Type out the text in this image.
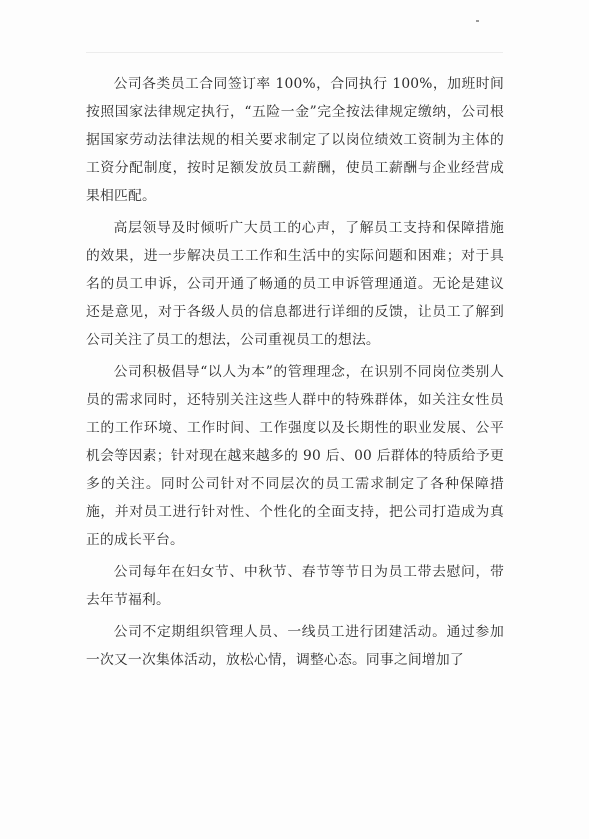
公司各类员工合同签订率 100%，合同执行 100%，加班时间按照国家法律规定执行，“五险一金”完全按法律规定缴纳，公司根据国家劳动法律法规的相关要求制定了以岗位绩效工资制为主体的工资分配制度，按时足额发放员工薪酬，使员工薪酬与企业经营成果相匹配。

高层领导及时倾听广大员工的心声，了解员工支持和保障措施的效果，进一步解决员工工作和生活中的实际问题和困难；对于具名的员工申诉，公司开通了畅通的员工申诉管理通道。无论是建议还是意见，对于各级人员的信息都进行详细的反馈，让员工了解到公司关注了员工的想法，公司重视员工的想法。

公司积极倡导“以人为本”的管理理念，在识别不同岗位类别人员的需求同时，还特别关注这些人群中的特殊群体，如关注女性员工的工作环境、工作时间、工作强度以及长期性的职业发展、公平机会等因素；针对现在越来越多的 90 后、00 后群体的特质给予更多的关注。同时公司针对不同层次的员工需求制定了各种保障措施，并对员工进行针对性、个性化的全面支持，把公司打造成为真正的成长平台。

公司每年在妇女节、中秋节、春节等节日为员工带去慰问，带去年节福利。

公司不定期组织管理人员、一线员工进行团建活动。通过参加一次又一次集体活动，放松心情，调整心态。同事之间增加了
